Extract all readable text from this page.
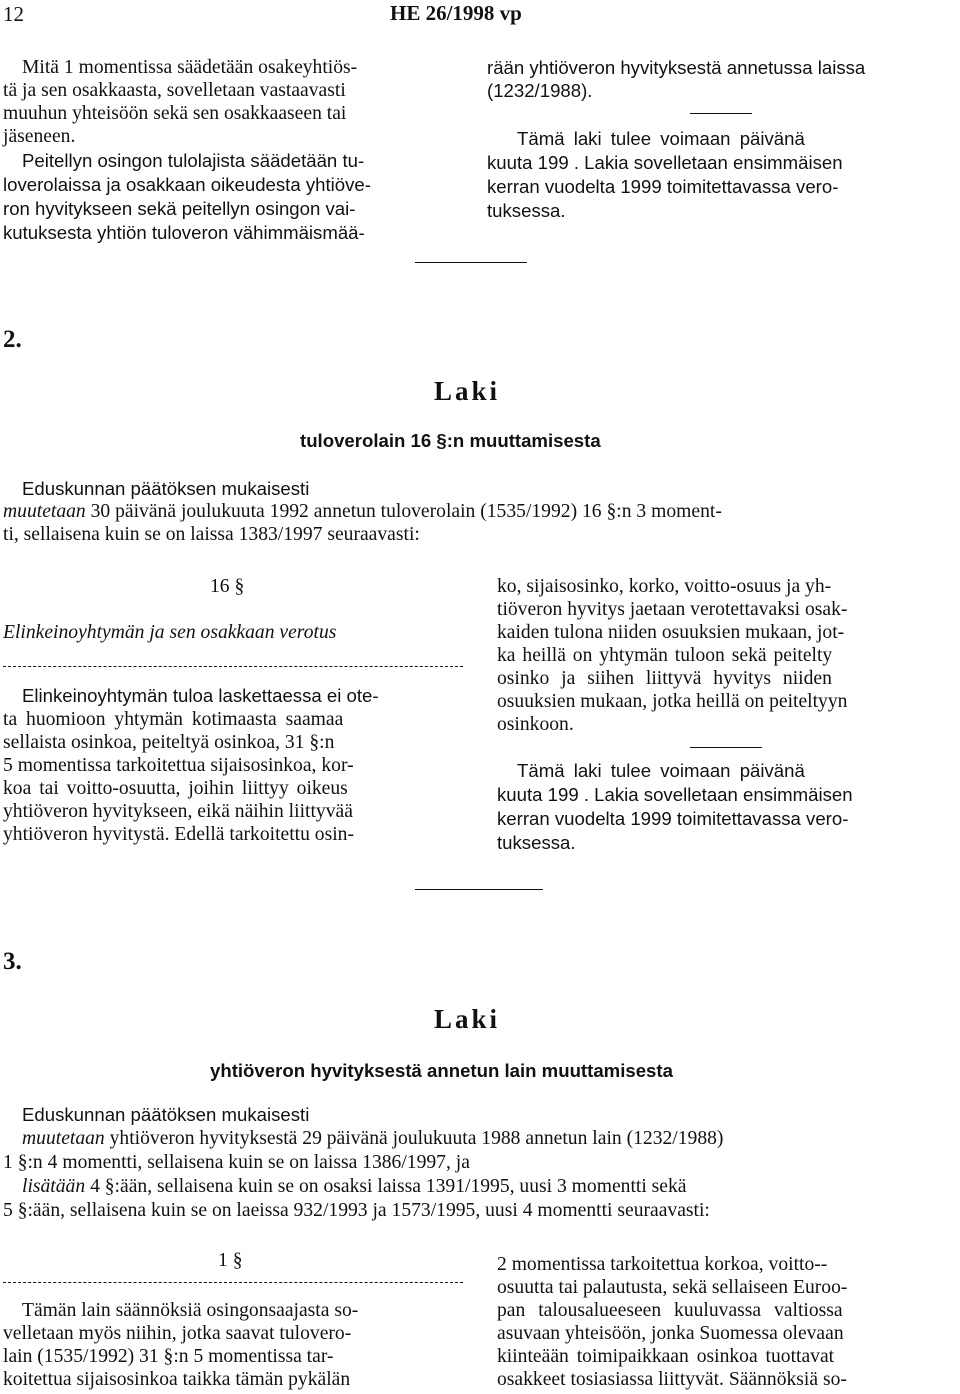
12	HE 26/1998 vp
Mitä 1 momentissa säädetään osakeyhtiös-
tä ja sen osakkaasta, sovelletaan vastaavasti
muuhun yhteisöön sekä sen osakkaaseen tai
jäseneen.
Peitellyn osingon tulolajista säädetään tu-
loverolaissa ja osakkaan oikeudesta yhtiöve-
ron hyvitykseen sekä peitellyn osingon vai-
kutuksesta yhtiön tuloveron vähimmäismää-
rään yhtiöveron hyvityksestä annetussa laissa
(1232/1988).
Tämä laki tulee voimaan päivänä
kuuta 199 . Lakia sovelletaan ensimmäisen
kerran vuodelta 1999 toimitettavassa vero-
tuksessa.
2.
Laki
tuloverolain 16 §:n muuttamisesta
Eduskunnan päätöksen mukaisesti
muutetaan 30 päivänä joulukuuta 1992 annetun tuloverolain (1535/1992) 16 §:n 3 moment-
ti, sellaisena kuin se on laissa 1383/1997 seuraavasti:
16 §
Elinkeinoyhtymän ja sen osakkaan verotus
Elinkeinoyhtymän tuloa laskettaessa ei ote-
ta huomioon yhtymän kotimaasta saamaa
sellaista osinkoa, peiteltyä osinkoa, 31 §:n
5 momentissa tarkoitettua sijaisosinkoa, kor-
koa tai voitto-osuutta, joihin liittyy oikeus
yhtiöveron hyvitykseen, eikä näihin liittyvää
yhtiöveron hyvitystä. Edellä tarkoitettu osin-
ko, sijaisosinko, korko, voitto-osuus ja yh-
tiöveron hyvitys jaetaan verotettavaksi osak-
kaiden tulona niiden osuuksien mukaan, jot-
ka heillä on yhtymän tuloon sekä peitelty
osinko ja siihen liittyvä hyvitys niiden
osuuksien mukaan, jotka heillä on peiteltyyn
osinkoon.
Tämä laki tulee voimaan päivänä
kuuta 199 . Lakia sovelletaan ensimmäisen
kerran vuodelta 1999 toimitettavassa vero-
tuksessa.
3.
Laki
yhtiöveron hyvityksestä annetun lain muuttamisesta
Eduskunnan päätöksen mukaisesti
muutetaan yhtiöveron hyvityksestä 29 päivänä joulukuuta 1988 annetun lain (1232/1988)
1 §:n 4 momentti, sellaisena kuin se on laissa 1386/1997, ja
lisätään 4 §:ään, sellaisena kuin se on osaksi laissa 1391/1995, uusi 3 momentti sekä
5 §:ään, sellaisena kuin se on laeissa 932/1993 ja 1573/1995, uusi 4 momentti seuraavasti:
1 §
Tämän lain säännöksiä osingonsaajasta so-
velletaan myös niihin, jotka saavat tulovero-
lain (1535/1992) 31 §:n 5 momentissa tar-
koitettua sijaisosinkoa taikka tämän pykälän
2 momentissa tarkoitettua korkoa, voitto--
osuutta tai palautusta, sekä sellaiseen Euroo-
pan talousalueeseen kuuluvassa valtiossa
asuvaan yhteisöön, jonka Suomessa olevaan
kiinteään toimipaikkaan osinkoa tuottavat
osakkeet tosiasiassa liittyvät. Säännöksiä so-
